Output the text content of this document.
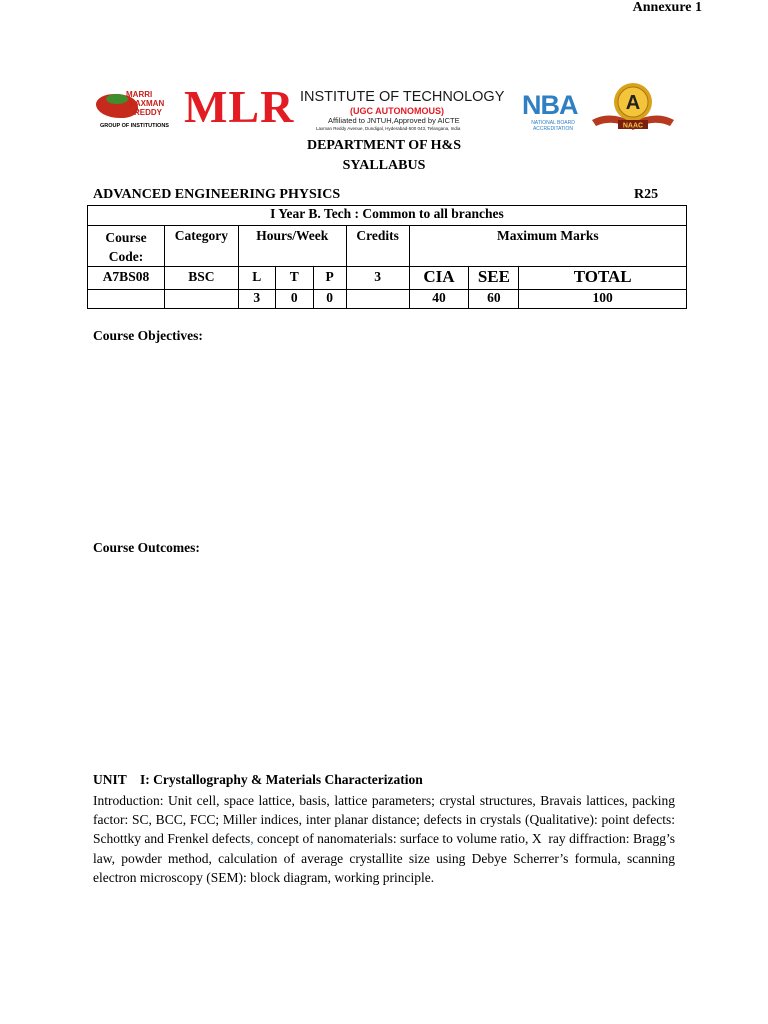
Annexure 1
MARRI
LAXMAN
REDDY
GROUP OF INSTITUTIONS MLR INSTITUTE OF TECHNOLOGY
(UGC AUTONOMOUS)
Affiliated to JNTUH,Approved by AICTE
Laxman Reddy Avenue, Dundigal, Hyderabad-500 043, Telangana, India
NBA
NATIONAL BOARD ACCREDITATION
A
NAAC
DEPARTMENT OF H&S
SYALLABUS
ADVANCED ENGINEERING PHYSICS	R25
I Year B. Tech : Common to all branches								
Course Code:	Category	Hours/Week			Credits	Maximum Marks		
A7BS08	BSC	L	T	P	3	CIA	SEE	TOTAL
		3	0	0		40	60	100
Course Objectives:
Course Outcomes:
UNIT    I: Crystallography & Materials Characterization
Introduction: Unit cell, space lattice, basis, lattice parameters; crystal structures, Bravais lattices, packing factor: SC, BCC, FCC; Miller indices, inter planar distance; defects in crystals (Qualitative): point defects: Schottky and Frenkel defects, concept of nanomaterials: surface to volume ratio, X  ray diffraction: Bragg’s law, powder method, calculation of average crystallite size using Debye Scherrer’s formula, scanning electron microscopy (SEM): block diagram, working principle.
